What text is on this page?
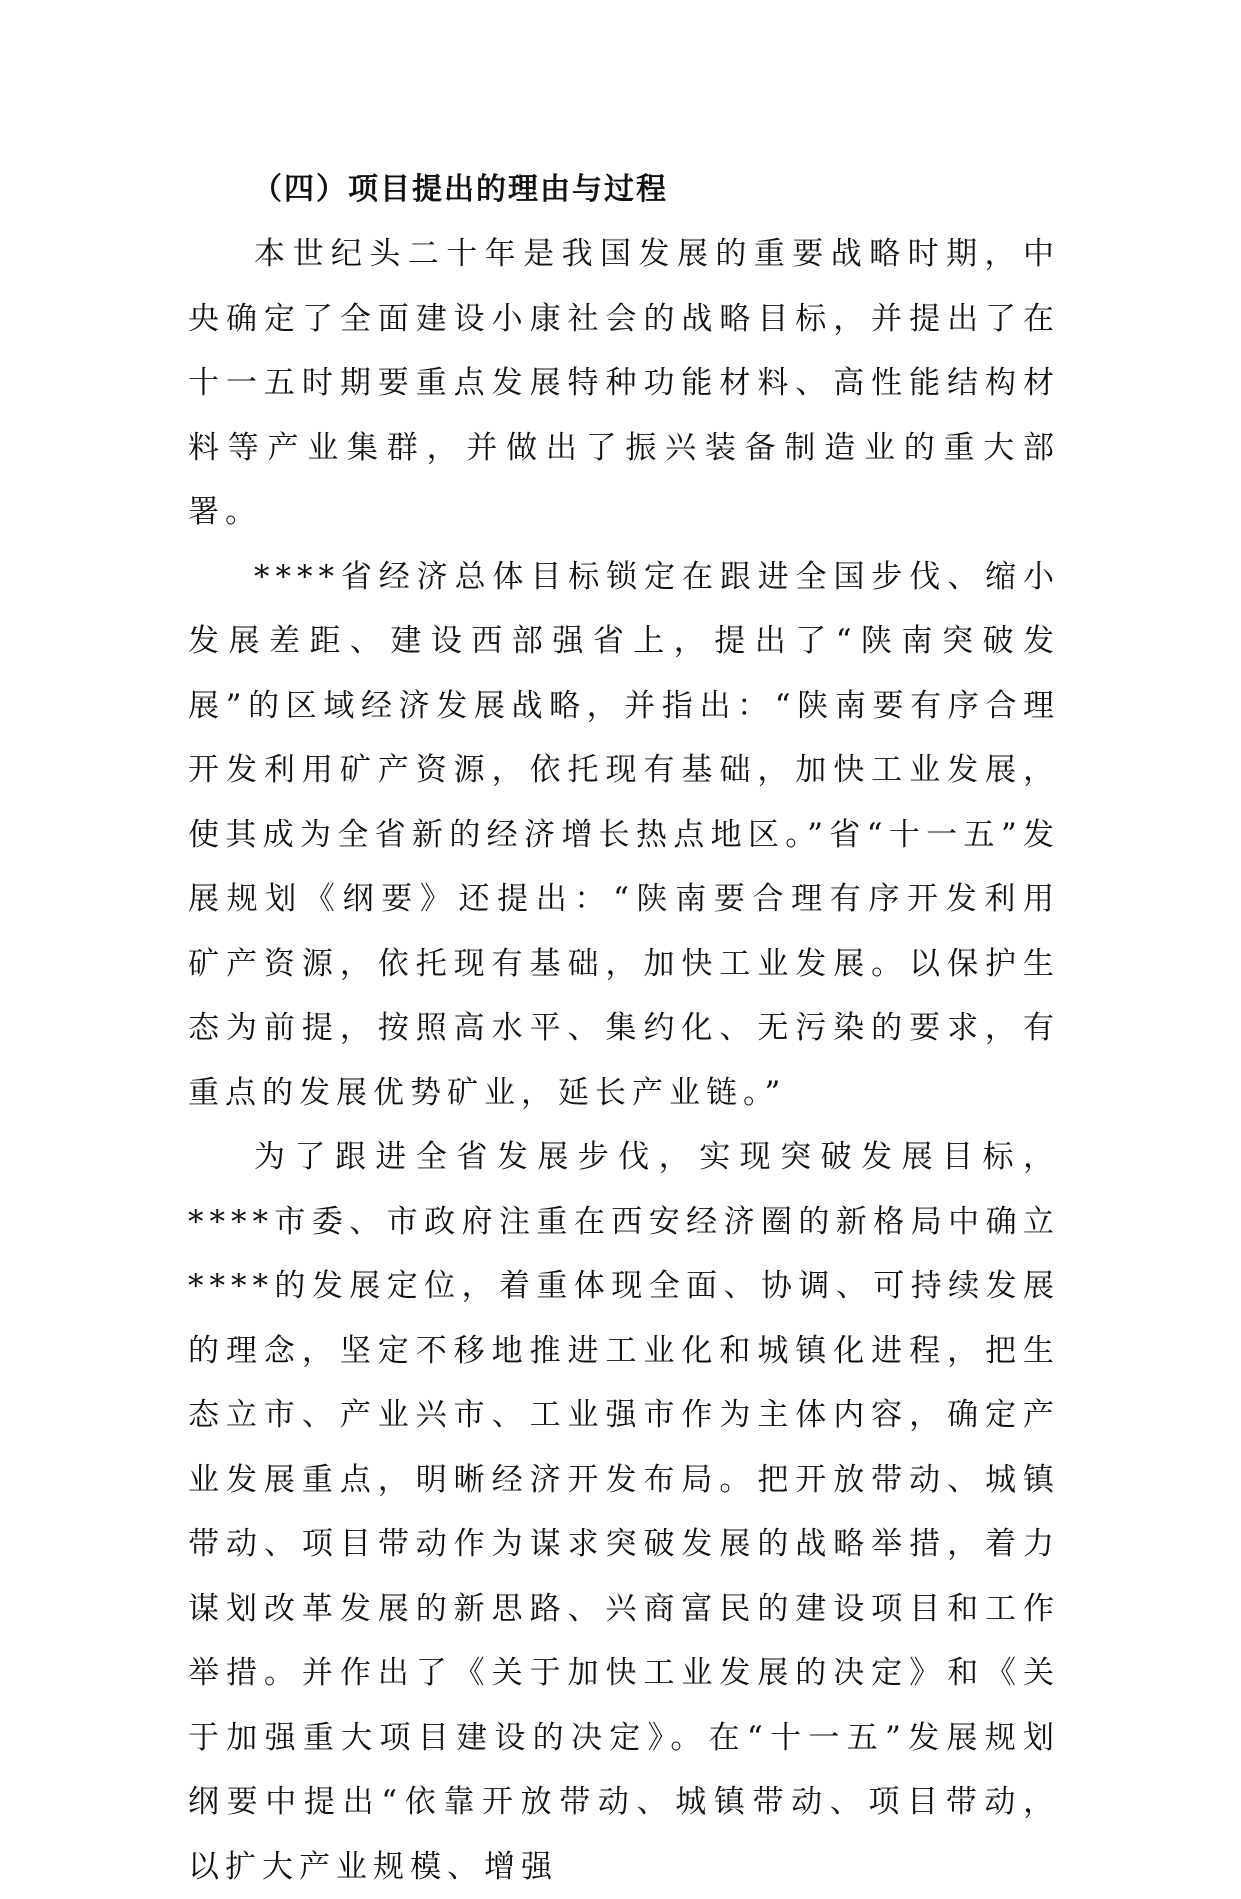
（四）项目提出的理由与过程

本世纪头二十年是我国发展的重要战略时期，中央确定了全面建设小康社会的战略目标，并提出了在十一五时期要重点发展特种功能材料、高性能结构材料等产业集群，并做出了振兴装备制造业的重大部署。

****省经济总体目标锁定在跟进全国步伐、缩小发展差距、建设西部强省上，提出了“陕南突破发展”的区域经济发展战略，并指出：“陕南要有序合理开发利用矿产资源，依托现有基础，加快工业发展，使其成为全省新的经济增长热点地区。”省“十一五”发展规划《纲要》还提出：“陕南要合理有序开发利用矿产资源，依托现有基础，加快工业发展。以保护生态为前提，按照高水平、集约化、无污染的要求，有重点的发展优势矿业，延长产业链。”

为了跟进全省发展步伐，实现突破发展目标，****市委、市政府注重在西安经济圈的新格局中确立****的发展定位，着重体现全面、协调、可持续发展的理念，坚定不移地推进工业化和城镇化进程，把生态立市、产业兴市、工业强市作为主体内容，确定产业发展重点，明晰经济开发布局。把开放带动、城镇带动、项目带动作为谋求突破发展的战略举措，着力谋划改革发展的新思路、兴商富民的建设项目和工作举措。并作出了《关于加快工业发展的决定》和《关于加强重大项目建设的决定》。在“十一五”发展规划纲要中提出“依靠开放带动、城镇带动、项目带动，以扩大产业规模、增强
